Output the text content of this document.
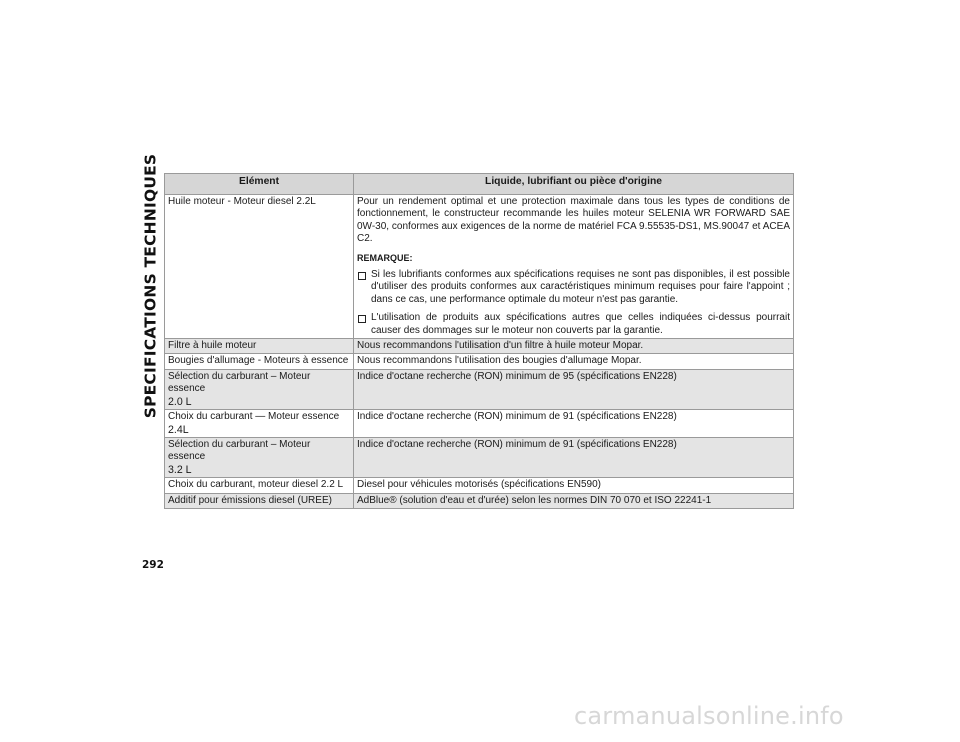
SPECIFICATIONS TECHNIQUES	Elément	Liquide, lubrifiant ou pièce d'origine
Huile moteur - Moteur diesel 2.2L	Pour un rendement optimal et une protection maximale dans tous les types de conditions de fonctionnement, le constructeur recommande les huiles moteur SELENIA WR FORWARD SAE 0W-30, conformes aux exigences de la norme de matériel FCA 9.55535-DS1, MS.90047 et ACEA C2.
REMARQUE:
Si les lubrifiants conformes aux spécifications requises ne sont pas disponibles, il est possible d'utiliser des produits conformes aux caractéristiques minimum requises pour faire l'appoint ; dans ce cas, une performance optimale du moteur n'est pas garantie.
L'utilisation de produits aux spécifications autres que celles indiquées ci-dessus pourrait causer des dommages sur le moteur non couverts par la garantie.

Filtre à huile moteur	Nous recommandons l'utilisation d'un filtre à huile moteur Mopar.
Bougies d'allumage - Moteurs à essence	Nous recommandons l'utilisation des bougies d'allumage Mopar.

Sélection du carburant – Moteur essence
2.0 L	Indice d'octane recherche (RON) minimum de 95 (spécifications EN228)

Choix du carburant — Moteur essence
2.4L	Indice d'octane recherche (RON) minimum de 91 (spécifications EN228)

Sélection du carburant – Moteur essence
3.2 L	Indice d'octane recherche (RON) minimum de 91 (spécifications EN228)
Choix du carburant, moteur diesel 2.2 L	Diesel pour véhicules motorisés (spécifications EN590)
Additif pour émissions diesel (UREE)	AdBlue® (solution d'eau et d'urée) selon les normes DIN 70 070 et ISO 22241-1
292
carmanualsonline.info
